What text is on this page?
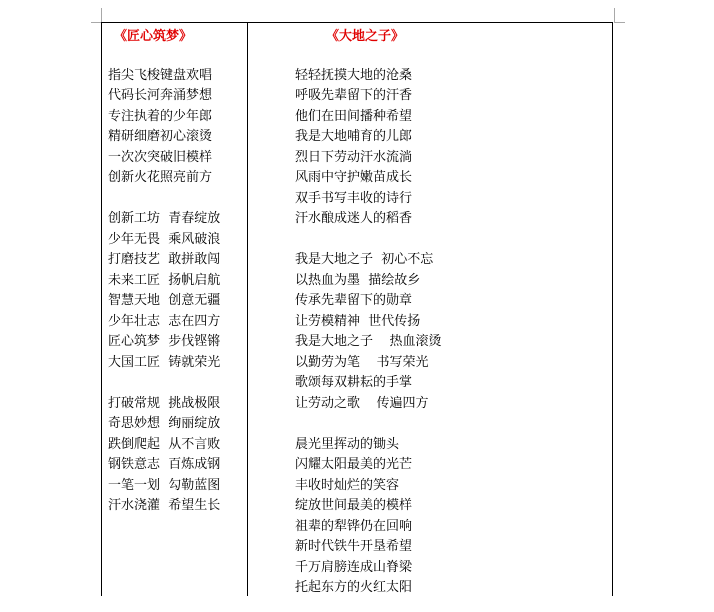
《匠心筑梦》
指尖飞梭键盘欢唱
代码长河奔涌梦想
专注执着的少年郎
精研细磨初心滚烫
一次次突破旧模样
创新火花照亮前方
创新工坊  青春绽放
少年无畏  乘风破浪
打磨技艺  敢拼敢闯
未来工匠  扬帆启航
智慧天地  创意无疆
少年壮志  志在四方
匠心筑梦  步伐铿锵
大国工匠  铸就荣光
打破常规  挑战极限
奇思妙想  绚丽绽放
跌倒爬起  从不言败
钢铁意志  百炼成钢
一笔一划  勾勒蓝图
汗水浇灌  希望生长
《大地之子》
轻轻抚摸大地的沧桑
呼吸先辈留下的汗香
他们在田间播种希望
我是大地哺育的儿郎
烈日下劳动汗水流淌
风雨中守护嫩苗成长
双手书写丰收的诗行
汗水酿成迷人的稻香
我是大地之子  初心不忘
以热血为墨  描绘故乡
传承先辈留下的勋章
让劳模精神  世代传扬
我是大地之子    热血滚烫
以勤劳为笔    书写荣光
歌颂每双耕耘的手掌
让劳动之歌    传遍四方
晨光里挥动的锄头
闪耀太阳最美的光芒
丰收时灿烂的笑容
绽放世间最美的模样
祖辈的犁铧仍在回响
新时代铁牛开垦希望
千万肩膀连成山脊梁
托起东方的火红太阳
